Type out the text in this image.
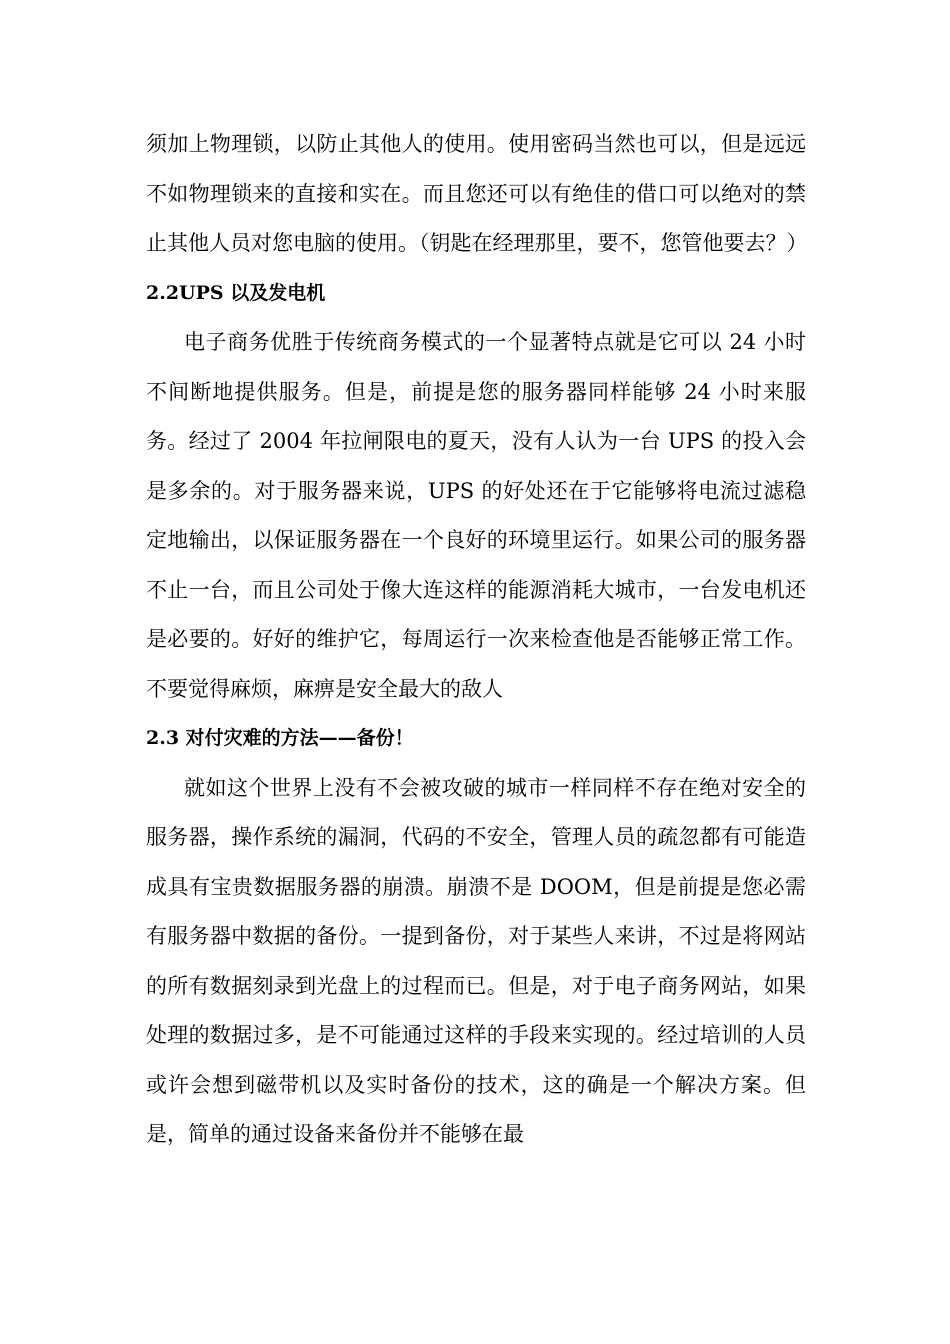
须加上物理锁，以防止其他人的使用。使用密码当然也可以，但是远远不如物理锁来的直接和实在。而且您还可以有绝佳的借口可以绝对的禁止其他人员对您电脑的使用。（钥匙在经理那里，要不，您管他要去？）

2.2UPS 以及发电机

电子商务优胜于传统商务模式的一个显著特点就是它可以 24 小时不间断地提供服务。但是，前提是您的服务器同样能够 24 小时来服务。经过了 2004 年拉闸限电的夏天，没有人认为一台 UPS 的投入会是多余的。对于服务器来说，UPS 的好处还在于它能够将电流过滤稳定地输出，以保证服务器在一个良好的环境里运行。如果公司的服务器不止一台，而且公司处于像大连这样的能源消耗大城市，一台发电机还是必要的。好好的维护它，每周运行一次来检查他是否能够正常工作。不要觉得麻烦，麻痹是安全最大的敌人

2.3 对付灾难的方法——备份！

就如这个世界上没有不会被攻破的城市一样同样不存在绝对安全的服务器，操作系统的漏洞，代码的不安全，管理人员的疏忽都有可能造成具有宝贵数据服务器的崩溃。崩溃不是 DOOM，但是前提是您必需有服务器中数据的备份。一提到备份，对于某些人来讲，不过是将网站的所有数据刻录到光盘上的过程而已。但是，对于电子商务网站，如果处理的数据过多，是不可能通过这样的手段来实现的。经过培训的人员或许会想到磁带机以及实时备份的技术，这的确是一个解决方案。但是，简单的通过设备来备份并不能够在最
